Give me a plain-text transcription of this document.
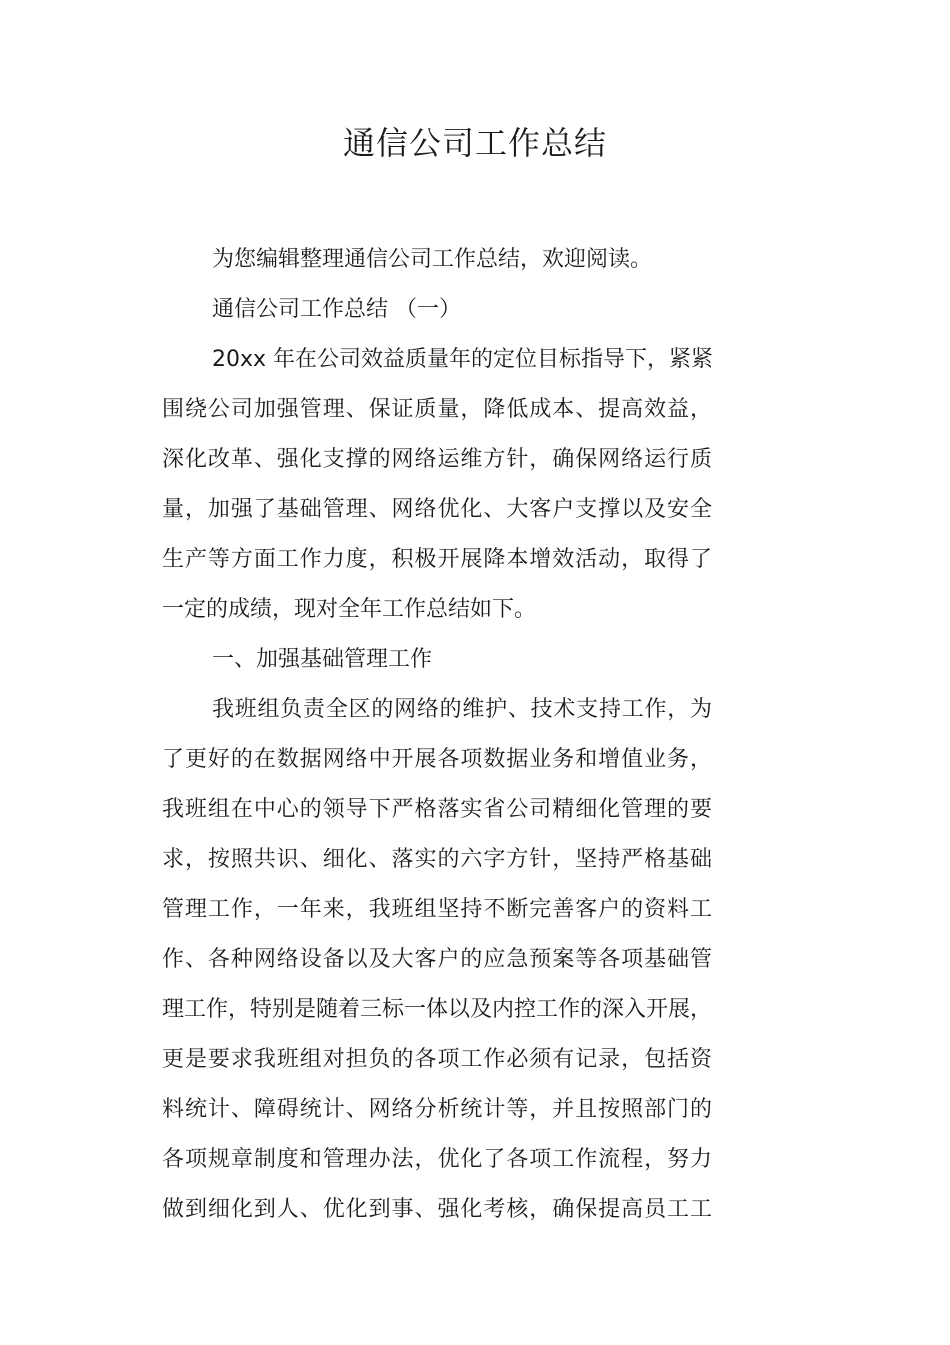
通信公司工作总结
为您编辑整理通信公司工作总结，欢迎阅读。
通信公司工作总结 （一）
20xx 年在公司效益质量年的定位目标指导下，紧紧
围绕公司加强管理、保证质量，降低成本、提高效益，
深化改革、强化支撑的网络运维方针，确保网络运行质
量，加强了基础管理、网络优化、大客户支撑以及安全
生产等方面工作力度，积极开展降本增效活动，取得了
一定的成绩，现对全年工作总结如下。
一、加强基础管理工作
我班组负责全区的网络的维护、技术支持工作，为
了更好的在数据网络中开展各项数据业务和增值业务，
我班组在中心的领导下严格落实省公司精细化管理的要
求，按照共识、细化、落实的六字方针，坚持严格基础
管理工作，一年来，我班组坚持不断完善客户的资料工
作、各种网络设备以及大客户的应急预案等各项基础管
理工作，特别是随着三标一体以及内控工作的深入开展，
更是要求我班组对担负的各项工作必须有记录，包括资
料统计、障碍统计、网络分析统计等，并且按照部门的
各项规章制度和管理办法，优化了各项工作流程，努力
做到细化到人、优化到事、强化考核，确保提高员工工
